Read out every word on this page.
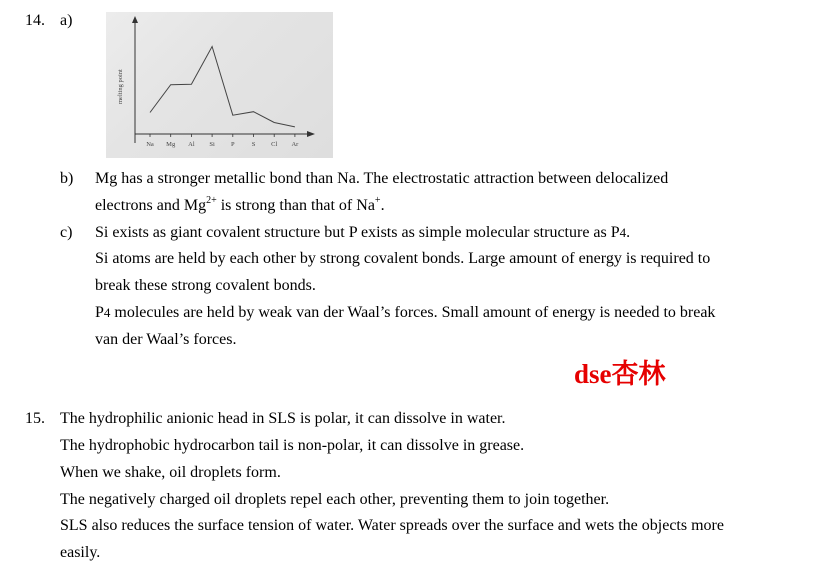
14. a)
melting point
Na Mg Al Si P	S Cl Ar
b) Mg has a stronger metallic bond than Na. The electrostatic attraction between delocalized
electrons and $Mg^{2+}$ is strong than that of Na+.
c) Si exists as giant covalent structure but P exists as simple molecular structure as P4.
Si atoms are held by each other by strong covalent bonds. Large amount of energy is required to
break these strong covalent bonds.
P4 molecules are held by weak van der Waal’s forces. Small amount of energy is needed to break
van der Waal’s forces.
dse杏林
15. The hydrophilic anionic head in SLS is polar, it can dissolve in water.
The hydrophobic hydrocarbon tail is non-polar, it can dissolve in grease.
When we shake, oil droplets form.
The negatively charged oil droplets repel each other, preventing them to join together.
SLS also reduces the surface tension of water. Water spreads over the surface and wets the objects more
easily.
